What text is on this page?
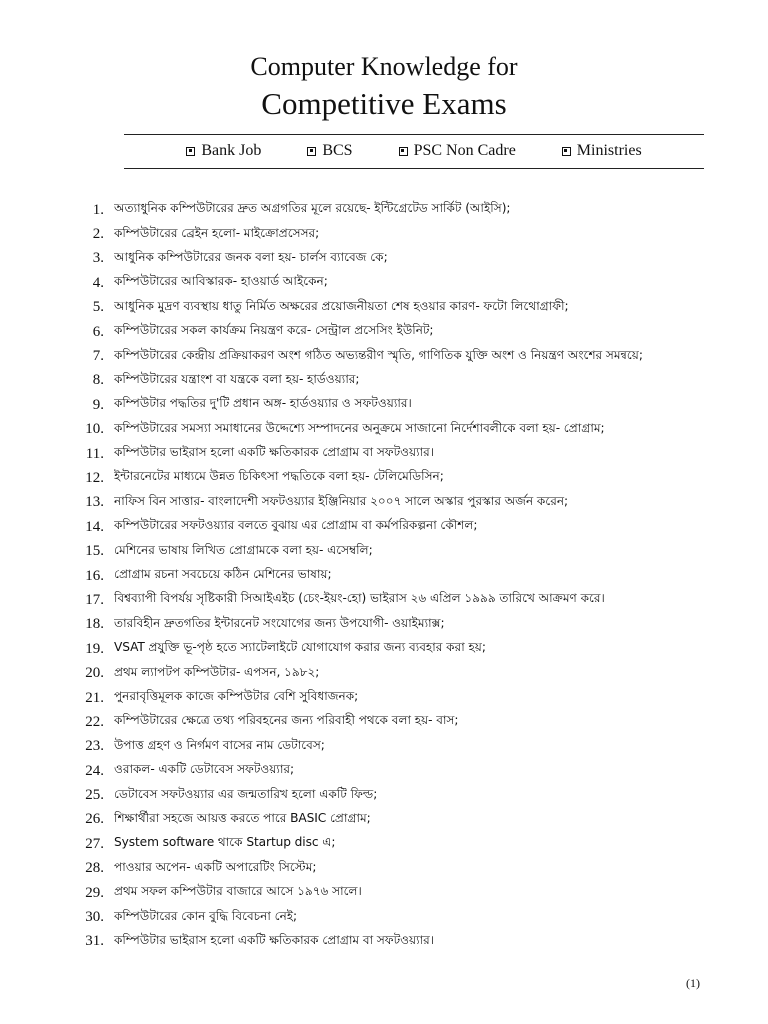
Computer Knowledge for
Competitive Exams
Bank Job	BCS	PSC Non Cadre	Ministries
1. অত্যাধুনিক কম্পিউটারের দ্রুত অগ্রগতির মূলে রয়েছে- ইন্টিগ্রেটেড সার্কিট (আইসি);
2. কম্পিউটারের ব্রেইন হলো- মাইক্রোপ্রসেসর;
3. আধুনিক কম্পিউটারের জনক বলা হয়- চার্লস ব্যাবেজ কে;
4. কম্পিউটারের আবিস্কারক- হাওয়ার্ড আইকেন;
5. আধুনিক মুদ্রণ ব্যবস্থায় ধাতু নির্মিত অক্ষরের প্রয়োজনীয়তা শেষ হওয়ার কারণ- ফটো লিথোগ্রাফী;
6. কম্পিউটারের সকল কার্যক্রম নিয়ন্ত্রণ করে- সেন্ট্রাল প্রসেসিং ইউনিট;
7. কম্পিউটারের কেন্দ্রীয় প্রক্রিয়াকরণ অংশ গঠিত অভ্যন্তরীণ স্মৃতি, গাণিতিক যুক্তি অংশ ও নিয়ন্ত্রণ অংশের সমন্বয়ে;
8. কম্পিউটারের যন্ত্রাংশ বা যন্ত্রকে বলা হয়- হার্ডওয়্যার;
9. কম্পিউটার পদ্ধতির দু'টি প্রধান অঙ্গ- হার্ডওয়্যার ও সফটওয়্যার।
10. কম্পিউটারের সমস্যা সমাধানের উদ্দেশ্যে সম্পাদনের অনুক্রমে সাজানো নির্দেশাবলীকে বলা হয়- প্রোগ্রাম;
11. কম্পিউটার ভাইরাস হলো একটি ক্ষতিকারক প্রোগ্রাম বা সফটওয়্যার।
12. ইন্টারনেটের মাধ্যমে উন্নত চিকিৎসা পদ্ধতিকে বলা হয়- টেলিমেডিসিন;
13. নাফিস বিন সাত্তার- বাংলাদেশী সফটওয়্যার ইঞ্জিনিয়ার ২০০৭ সালে অস্কার পুরস্কার অর্জন করেন;
14. কম্পিউটারের সফটওয়্যার বলতে বুঝায় এর প্রোগ্রাম বা কর্মপরিকল্পনা কৌশল;
15. মেশিনের ভাষায় লিখিত প্রোগ্রামকে বলা হয়- এসেম্বলি;
16. প্রোগ্রাম রচনা সবচেয়ে কঠিন মেশিনের ভাষায়;
17. বিশ্বব্যাপী বিপর্যয় সৃষ্টিকারী সিআইএইচ (চেং-ইয়ং-হো) ভাইরাস ২৬ এপ্রিল ১৯৯৯ তারিখে আক্রমণ করে।
18. তারবিহীন দ্রুতগতির ইন্টারনেট সংযোগের জন্য উপযোগী- ওয়াইম্যাক্স;
19. VSAT প্রযুক্তি ভূ-পৃষ্ঠ হতে স্যাটেলাইটে যোগাযোগ করার জন্য ব্যবহার করা হয়;
20. প্রথম ল্যাপটপ কম্পিউটার- এপসন, ১৯৮২;
21. পুনরাবৃত্তিমূলক কাজে কম্পিউটার বেশি সুবিধাজনক;
22. কম্পিউটারের ক্ষেত্রে তথ্য পরিবহনের জন্য পরিবাহী পথকে বলা হয়- বাস;
23. উপাত্ত গ্রহণ ও নির্গমণ বাসের নাম ডেটাবেস;
24. ওরাকল- একটি ডেটাবেস সফটওয়্যার;
25. ডেটাবেস সফটওয়্যার এর জন্মতারিখ হলো একটি ফিল্ড;
26. শিক্ষার্থীরা সহজে আয়ত্ত করতে পারে BASIC প্রোগ্রাম;
27. System software থাকে Startup disc এ;
28. পাওয়ার অপেন- একটি অপারেটিং সিস্টেম;
29. প্রথম সফল কম্পিউটার বাজারে আসে ১৯৭৬ সালে।
30. কম্পিউটারের কোন বুদ্ধি বিবেচনা নেই;
31. কম্পিউটার ভাইরাস হলো একটি ক্ষতিকারক প্রোগ্রাম বা সফটওয়্যার।
(1)
